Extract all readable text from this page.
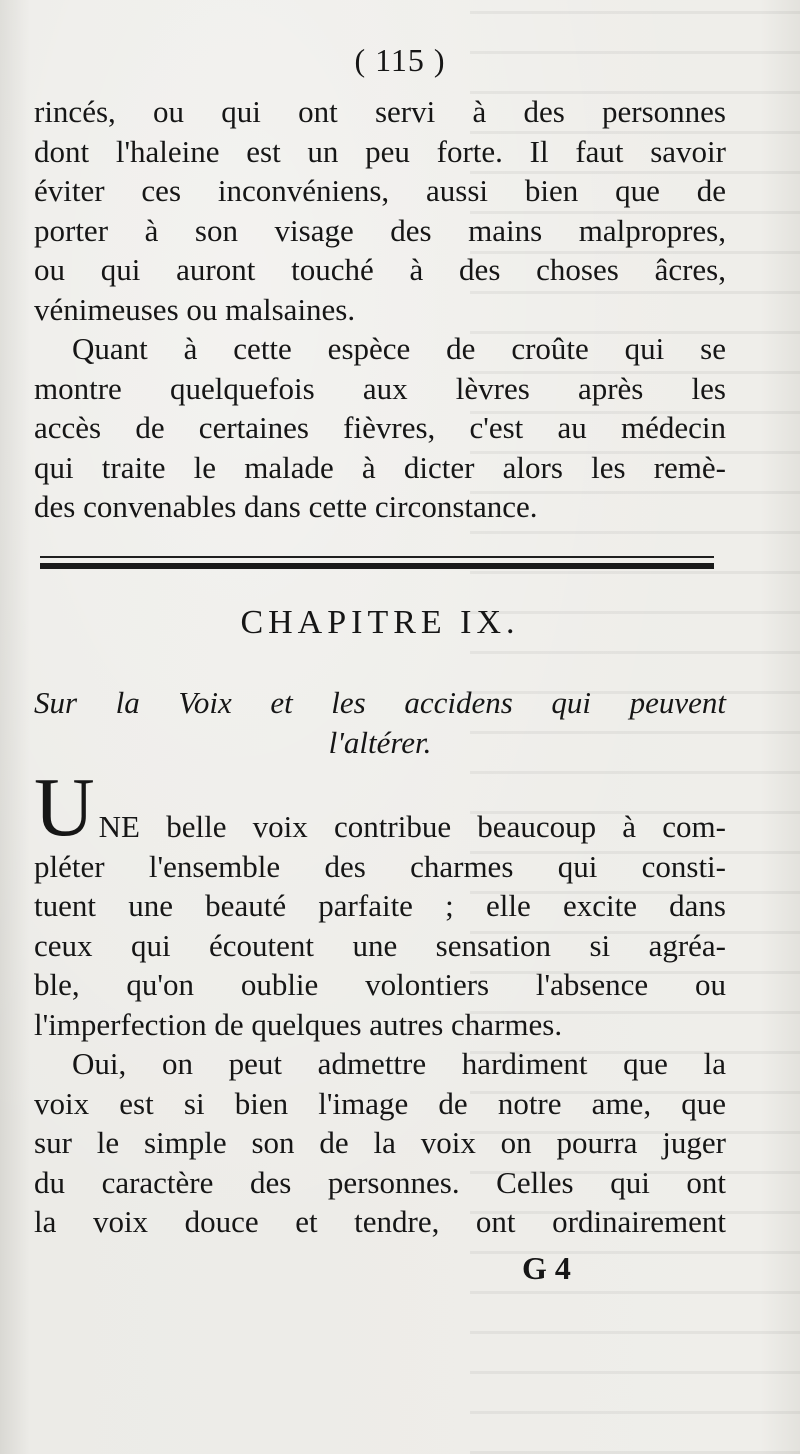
( 115 )
rincés, ou qui ont servi à des personnes
dont l'haleine est un peu forte. Il faut savoir
éviter ces inconvéniens, aussi bien que de
porter à son visage des mains malpropres,
ou qui auront touché à des choses âcres,
vénimeuses ou malsaines.
Quant à cette espèce de croûte qui se
montre quelquefois aux lèvres après les
accès de certaines fièvres, c'est au médecin
qui traite le malade à dicter alors les remè-
des convenables dans cette circonstance.
CHAPITRE IX.
Sur la Voix et les accidens qui peuvent
l'altérer.
U NE belle voix contribue beaucoup à com-
pléter l'ensemble des charmes qui consti-
tuent une beauté parfaite ; elle excite dans
ceux qui écoutent une sensation si agréa-
ble, qu'on oublie volontiers l'absence ou
l'imperfection de quelques autres charmes.
Oui, on peut admettre hardiment que la
voix est si bien l'image de notre ame, que
sur le simple son de la voix on pourra juger
du caractère des personnes. Celles qui ont
la voix douce et tendre, ont ordinairement
G 4
